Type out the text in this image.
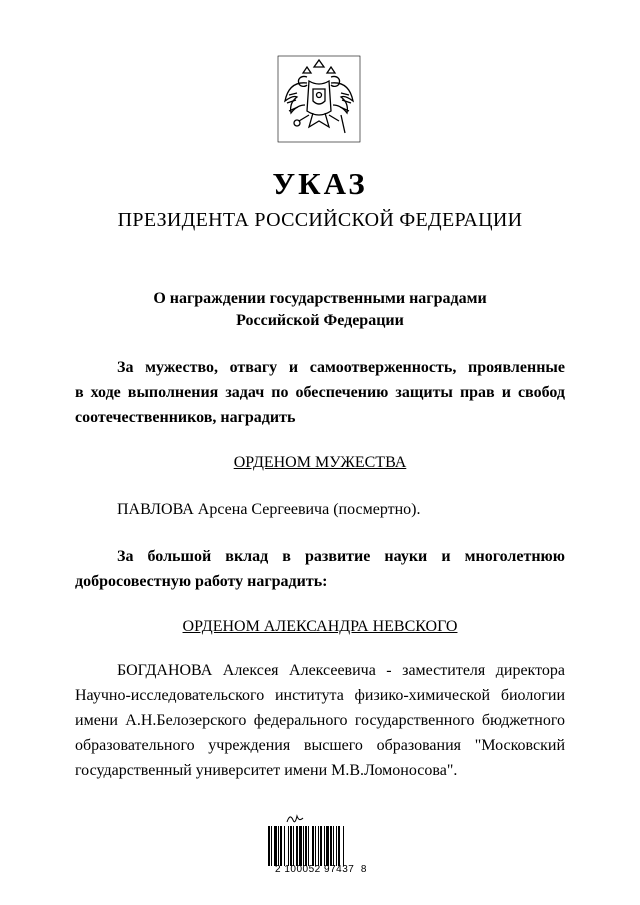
УКАЗ
ПРЕЗИДЕНТА РОССИЙСКОЙ ФЕДЕРАЦИИ
О награждении государственными наградами
Российской Федерации
За мужество, отвагу и самоотверженность, проявленные
в ходе выполнения задач по обеспечению защиты прав и свобод
соотечественников, наградить
ОРДЕНОМ МУЖЕСТВА
ПАВЛОВА Арсена Сергеевича (посмертно).
За большой вклад в развитие науки и многолетнюю
добросовестную работу наградить:
ОРДЕНОМ АЛЕКСАНДРА НЕВСКОГО
БОГДАНОВА Алексея Алексеевича - заместителя директора
Научно-исследовательского института физико-химической биологии
имени А.Н.Белозерского федерального государственного бюджетного
образовательного учреждения высшего образования "Московский
государственный университет имени М.В.Ломоносова".
2 100052 97437  8
